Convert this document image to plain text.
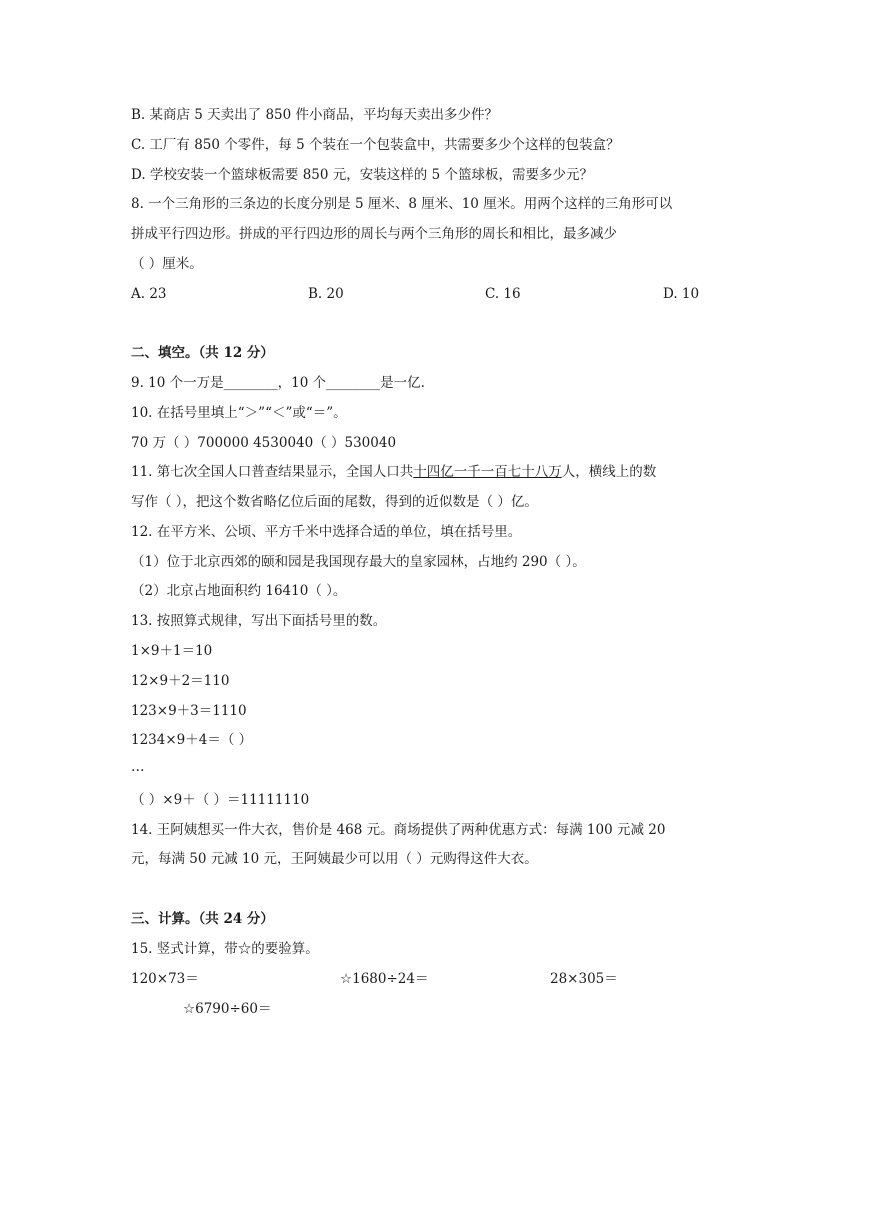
B. 某商店 5 天卖出了 850 件小商品，平均每天卖出多少件？
C. 工厂有 850 个零件，每 5 个装在一个包装盒中，共需要多少个这样的包装盒？
D. 学校安装一个篮球板需要 850 元，安装这样的 5 个篮球板，需要多少元？
8. 一个三角形的三条边的长度分别是 5 厘米、8 厘米、10 厘米。用两个这样的三角形可以
拼成平行四边形。拼成的平行四边形的周长与两个三角形的周长和相比，最多减少
（ ）厘米。
A. 23	B. 20	C. 16	D. 10
二、填空。（共 12 分）
9. 10 个一万是________，10 个________是一亿.
10. 在括号里填上“＞”“＜”或“＝”。
70 万（ ）700000 4530040（ ）530040
11. 第七次全国人口普查结果显示，全国人口共十四亿一千一百七十八万人，横线上的数
写作（ ），把这个数省略亿位后面的尾数，得到的近似数是（ ）亿。
12. 在平方米、公顷、平方千米中选择合适的单位，填在括号里。
（1）位于北京西郊的颐和园是我国现存最大的皇家园林，占地约 290（ ）。
（2）北京占地面积约 16410（ ）。
13. 按照算式规律，写出下面括号里的数。
1×9＋1＝10
12×9＋2＝110
123×9＋3＝1110
1234×9＋4＝（ ）
…
（ ）×9＋（ ）＝11111110
14. 王阿姨想买一件大衣，售价是 468 元。商场提供了两种优惠方式：每满 100 元减 20
元，每满 50 元减 10 元，王阿姨最少可以用（ ）元购得这件大衣。
三、计算。（共 24 分）
15. 竖式计算，带☆的要验算。
120×73＝	☆1680÷24＝	28×305＝
☆6790÷60＝
